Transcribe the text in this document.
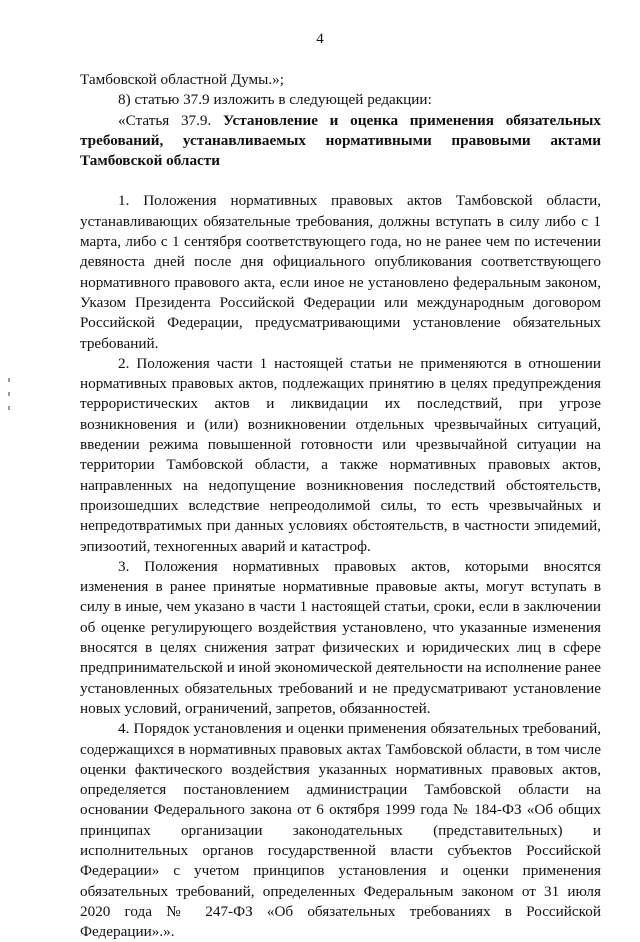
4

Тамбовской областной Думы.»;

8) статью 37.9 изложить в следующей редакции:

«Статья 37.9. Установление и оценка применения обязательных требований, устанавливаемых нормативными правовыми актами Тамбовской области

1. Положения нормативных правовых актов Тамбовской области, устанавливающих обязательные требования, должны вступать в силу либо с 1 марта, либо с 1 сентября соответствующего года, но не ранее чем по истечении девяноста дней после дня официального опубликования соответствующего нормативного правового акта, если иное не установлено федеральным законом, Указом Президента Российской Федерации или международным договором Российской Федерации, предусматривающими установление обязательных требований.

2. Положения части 1 настоящей статьи не применяются в отношении нормативных правовых актов, подлежащих принятию в целях предупреждения террористических актов и ликвидации их последствий, при угрозе возникновения и (или) возникновении отдельных чрезвычайных ситуаций, введении режима повышенной готовности или чрезвычайной ситуации на территории Тамбовской области, а также нормативных правовых актов, направленных на недопущение возникновения последствий обстоятельств, произошедших вследствие непреодолимой силы, то есть чрезвычайных и непредотвратимых при данных условиях обстоятельств, в частности эпидемий, эпизоотий, техногенных аварий и катастроф.

3. Положения нормативных правовых актов, которыми вносятся изменения в ранее принятые нормативные правовые акты, могут вступать в силу в иные, чем указано в части 1 настоящей статьи, сроки, если в заключении об оценке регулирующего воздействия установлено, что указанные изменения вносятся в целях снижения затрат физических и юридических лиц в сфере предпринимательской и иной экономической деятельности на исполнение ранее установленных обязательных требований и не предусматривают установление новых условий, ограничений, запретов, обязанностей.

4. Порядок установления и оценки применения обязательных требований, содержащихся в нормативных правовых актах Тамбовской области, в том числе оценки фактического воздействия указанных нормативных правовых актов, определяется постановлением администрации Тамбовской области на основании Федерального закона от 6 октября 1999 года № 184-ФЗ «Об общих принципах организации законодательных (представительных) и исполнительных органов государственной власти субъектов Российской Федерации» с учетом принципов установления и оценки применения обязательных требований, определенных Федеральным законом от 31 июля 2020 года № 247-ФЗ «Об обязательных требованиях в Российской Федерации».».
